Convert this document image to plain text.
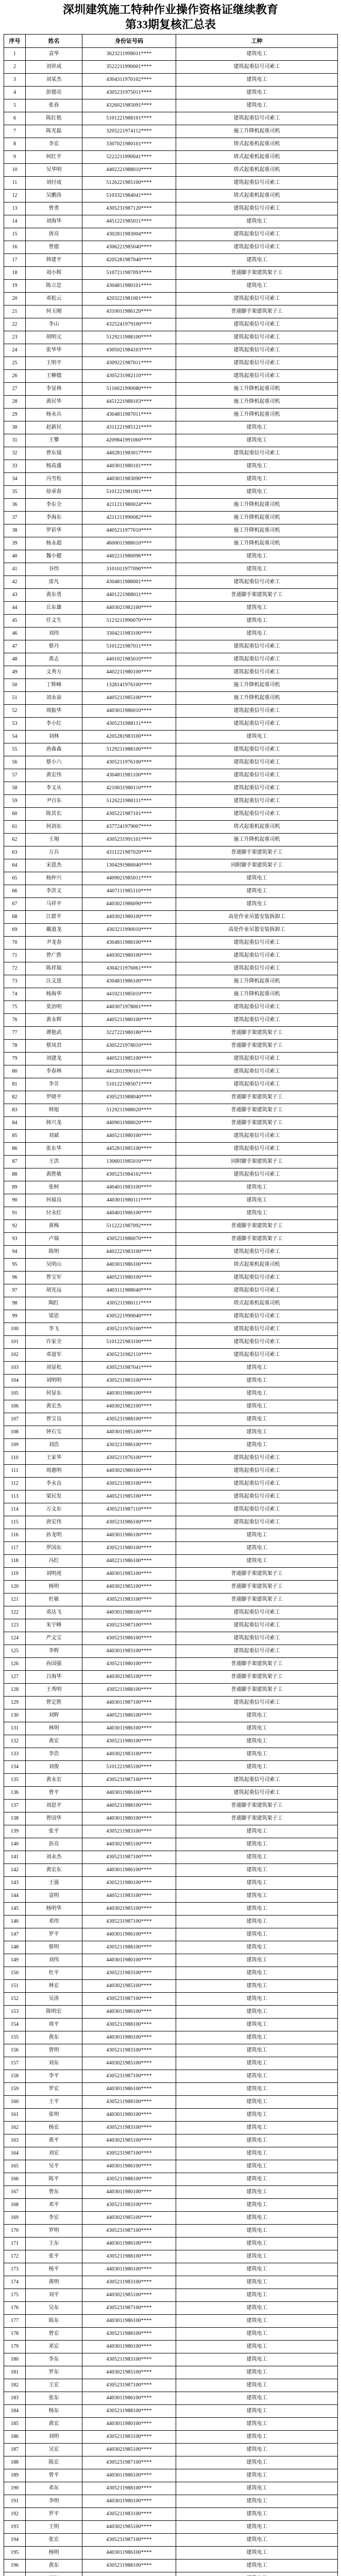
深圳建筑施工特种作业操作资格证继续教育
第33期复核汇总表
序号	姓名	身份证号码	工种
1	袁华	3623211998011****	建筑电工
2	刘世成	3522211990001****	建筑起重信号司索工
3	刘某杰	4304311970102****	建筑电工
4	彭德亮	4305231975011****	建筑电工
5	张春	4326021985091****	建筑电工
6	陈红艳	5101221988101****	建筑起重信号司索工
7	陈光磊	3205221974112****	施工升降机起重司机
8	李宏	3307021980101****	塔式起重机起重司机
9	何红平	5222211990041****	塔式起重机起重司机
10	吴华明	4402221988010****	塔式起重机起重司机
11	刘付成	5126221985100****	建筑起重信号司索工
12	吴鹏涛	5103321984041****	塔式起重机起重司机
13	曾勇	4305231987120****	建筑起重信号司索工
14	刘海华	4451221985011****	建筑电工
15	唐亮	4302811983004****	建筑起重信号司索工
16	曾德	4306221985040****	建筑起重信号司索工
17	韩建平	4205281987040****	建筑电工
18	刘小辉	5107211987093****	普通脚手架建筑架子工
19	陈立忠	4304811980101****	建筑电工
20	邓松云	4203221981001****	建筑起重信号司索工
21	何玉刚	4310011986120****	普通脚手架建筑架子工
22	李山	4325241979100****	建筑起重信号司索工
23	胡明元	5129211988100****	建筑起重信号司索工
24	张华华	4305021984103****	建筑起重信号司索工
25	王明平	4309221987011****	建筑起重信号司索工
26	王柳德	4305231982110****	建筑起重信号司索工
27	李显林	5116021990080****	施工升降机起重司机
28	黄民华	4451221988103****	施工升降机起重司机
29	杨永兵	4304811987011****	施工升降机起重司机
30	赵新民	4311221985121****	建筑电工
31	王攀	4209841991060****	建筑电工
32	曾东镜	4402811983017****	建筑起重信号司索工
33	杨高盛	4403011980101****	建筑电工
34	冯雪松	4403011983090****	建筑电工
35	徐承春	5101221981001****	建筑电工
36	李东全	4211211980024****	施工升降机起重司机
37	李海东	4211211990082****	施工升降机起重司机
38	罗彩华	4405211977010****	施工升降机起重司机
39	杨永超	4600011988010****	施工升降机起重司机
40	魏小健	4402211980096****	建筑电工
41	谷纬	3101011977090****	建筑电工
42	雷凡	4304811988001****	建筑起重信号司索工
43	黄东勇	4401221988011****	普通脚手架建筑架子工
44	丘东雄	4403021982100****	建筑电工
45	任文生	5123211990070****	建筑电工
46	刘玮	3304211983100****	建筑电工
47	蔡丹	5101221987011****	建筑起重信号司索工
48	黄志	4401021985010****	建筑起重信号司索工
49	文秀方	4402211980100****	建筑起重信号司索工
50	丁辉峰	1328141976100****	施工升降机起重司机
51	刘永泉	4405211985100****	施工升降机起重司机
52	周振华	4403011986010****	建筑起重信号司索工
53	李小红	4305231988111****	建筑起重信号司索工
54	刘林	4205281983100****	建筑电工
55	唐森森	5129211988100****	建筑起重信号司索工
56	蔡小六	4305211976100****	建筑起重信号司索工
57	黄宏伟	4304811981100****	建筑起重信号司索工
58	李义从	4210031980110****	建筑起重信号司索工
59	尹百东	5126221980111****	建筑起重信号司索工
60	陈其长	4305221987101****	建筑起重信号司索工
61	何剑东	4377241979007****	塔式起重机起重司机
62	王翔	4305231991101****	施工升降机起重司机
63	万兵	4311221987020****	普通脚手架建筑架子工
64	宋恩杰	1304291986040****	同附脚手架建筑架子工
65	杨仲兴	4409021985011****	建筑电工
66	李洪义	4407111985110****	建筑电工
67	马祥平	4403021986090****	建筑电工
68	江群平	4403021980100****	高处作业吊篮安装拆卸工
69	戴道龙	4303211990010****	高处作业吊篮安装拆卸工
70	尹龙春	4304811988100****	建筑起重信号司索工
71	曾广胜	4403021980100****	建筑起重信号司索工
72	陈祥瑞	4304211976061****	建筑起重信号司索工
73	汪文进	4304811986100****	施工升降机起重司机
74	杨海华	4410211985010****	施工升降机起重司机
75	莫治明	4403071978001****	建筑起重信号司索工
76	黄永辉	4405211980100****	建筑起重信号司索工
77	谭艳武	3227221980180****	普通脚手架建筑架子工
78	蔡凤君	4305221978010****	普通脚手架建筑架子工
79	刘建龙	4405211985100****	建筑起重信号司索工
80	李春林	4412011990101****	建筑起重信号司索工
81	李芳	5101221985071****	建筑起重信号司索工
82	罗晓平	4305231988040****	普通脚手架建筑架子工
83	韩旭	5129211988020****	普通脚手架建筑架子工
84	韩兴龙	4409011988020****	普通脚手架建筑架子工
85	刘斌	4405211980100****	建筑起重信号司索工
86	张东华	4452811985100****	建筑起重信号司索工
87	王洪	1306011985010****	同附脚手架建筑架子工
88	黄胜敏	4305231984102****	建筑起重信号司索工
89	张柯	4404011983100****	建筑电工
90	何福良	4403011980111****	建筑电工
91	付永红	4404011986100****	建筑电工
92	黄梅	5112221987092****	普通脚手架建筑架子工
93	卢瑞	4305211986070****	普通脚手架建筑架子工
94	陈明	4402221983100****	建筑起重信号司索工
95	吴明山	4403011986100****	塔式起重机起重司机
96	曾宝军	4405211980100****	建筑起重信号司索工
97	胡光远	4403111988040****	建筑起重信号司索工
98	陶红	4305211980111****	塔式起重机起重司机
99	梁思	4305221990040****	建筑起重信号司索工
100	李飞	4305211976100****	建筑起重信号司索工
101	许家全	5101221983100****	建筑起重信号司索工
102	邓道军	4305231982110****	建筑起重信号司索工
103	刘显松	4305231987041****	建筑电工
104	刘明明	4305211983100****	建筑电工
105	何显东	4403011986100****	建筑电工
106	黄宏杰	4403021982100****	建筑电工
107	曾宝良	4305231988100****	建筑电工
108	钟石宝	4403011985100****	建筑电工
109	刘浩	4303211986100****	建筑电工
110	王家华	4305211976100****	建筑起重信号司索工
111	周惠明	4403021980100****	建筑起重信号司索工
112	李永良	4305211983100****	建筑起重信号司索工
113	梁民发	4405211985100****	建筑起重信号司索工
114	万文东	4305211987110****	建筑起重信号司索工
115	唐宏伟	4305231986100****	建筑起重信号司索工
116	孙龙明	4403011986100****	建筑电工
117	罗国东	4305211980100****	建筑电工
118	冯红	4402211986100****	建筑电工
119	刘明虎	4403011985100****	普通脚手架建筑架子工
120	杨明	4403021985100****	普通脚手架建筑架子工
121	杜敏	4305211983100****	普通脚手架建筑架子工
122	邓达飞	4403011988100****	建筑起重信号司索工
123	朱宇峰	4305231987100****	建筑起重信号司索工
124	严文宝	4305231986100****	建筑起重信号司索工
125	李辉	4403011983100****	建筑起重信号司索工
126	孙国强	4305211980100****	普通脚手架建筑架子工
127	吕海华	4403021985100****	普通脚手架建筑架子工
128	王秀明	4305211988100****	普通脚手架建筑架子工
129	曾定胜	4403011987100****	建筑起重信号司索工
130	刘辉	4405211986100****	建筑电工
131	林明	4403011986100****	建筑电工
132	黄宏	4305211980100****	建筑电工
133	李浩	4403021983100****	建筑电工
134	刘俊	5101221985100****	建筑电工
135	黄永宏	4305231987100****	建筑起重信号司索工
136	曾平	4403011986100****	建筑起重信号司索工
137	刘思平	4405211988100****	普通脚手架建筑架子工
138	曾国华	4403011980100****	普通脚手架建筑架子工
139	张平	4305211983100****	建筑电工
140	彭亮	4403021985100****	建筑电工
141	刘永杰	4305231987100****	建筑电工
142	黄宏东	4403011986100****	建筑电工
143	王强	4305211980100****	建筑电工
144	袁明	4405211983100****	建筑电工
145	杨明华	4403021985100****	建筑电工
146	邓伟	4305231987100****	建筑电工
147	罗平	4403011986100****	建筑电工
148	蔡明	4305211988100****	建筑电工
149	刘伟	4403011980100****	建筑电工
150	杜平	4305211983100****	建筑电工
151	林宏	4403021985100****	建筑电工
152	吴涛	4305231987100****	建筑电工
153	陈明宏	4403011986100****	建筑电工
154	周平	4305211988100****	建筑电工
155	黄东	4403011980100****	建筑电工
156	曾明	4305211983100****	建筑电工
157	刘东	4403021985100****	建筑电工
158	李平	4305231987100****	建筑电工
159	罗宏	4403011986100****	建筑电工
160	王平	4305211988100****	建筑电工
161	张明	4403011980100****	建筑电工
162	杨宏	4305211983100****	建筑电工
163	黄平	4403021985100****	建筑电工
164	刘宏	4305231987100****	建筑电工
165	吴平	4403011986100****	建筑电工
166	陈平	4305211988100****	建筑电工
167	曾东	4403011980100****	建筑电工
168	邓平	4305211983100****	建筑电工
169	李宏	4403021985100****	建筑电工
170	罗明	4305231987100****	建筑电工
171	王东	4403011986100****	建筑电工
172	张平	4305211988100****	建筑电工
173	杨平	4403011980100****	建筑电工
174	黄明	4305211983100****	建筑电工
175	刘平	4403021985100****	建筑电工
176	吴东	4305231987100****	建筑电工
177	陈东	4403011986100****	建筑电工
178	曾宏	4305211988100****	建筑电工
179	邓宏	4403011980100****	建筑电工
180	李东	4305211983100****	建筑电工
181	罗东	4403021985100****	建筑电工
182	王宏	4305231987100****	建筑电工
183	张东	4403011986100****	建筑电工
184	杨东	4305211988100****	建筑电工
185	黄宏	4403011980100****	建筑电工
186	刘明	4305211983100****	建筑电工
187	吴宏	4403021985100****	建筑电工
188	陈宏	4305231987100****	建筑电工
189	曾平	4403011986100****	建筑电工
190	邓东	4305211988100****	建筑电工
191	李明	4403011980100****	建筑电工
192	罗平	4305211983100****	建筑电工
193	王明	4403021985100****	建筑电工
194	张宏	4305231987100****	建筑电工
195	杨明	4403011986100****	建筑电工
196	黄东	4305211988100****	建筑电工
